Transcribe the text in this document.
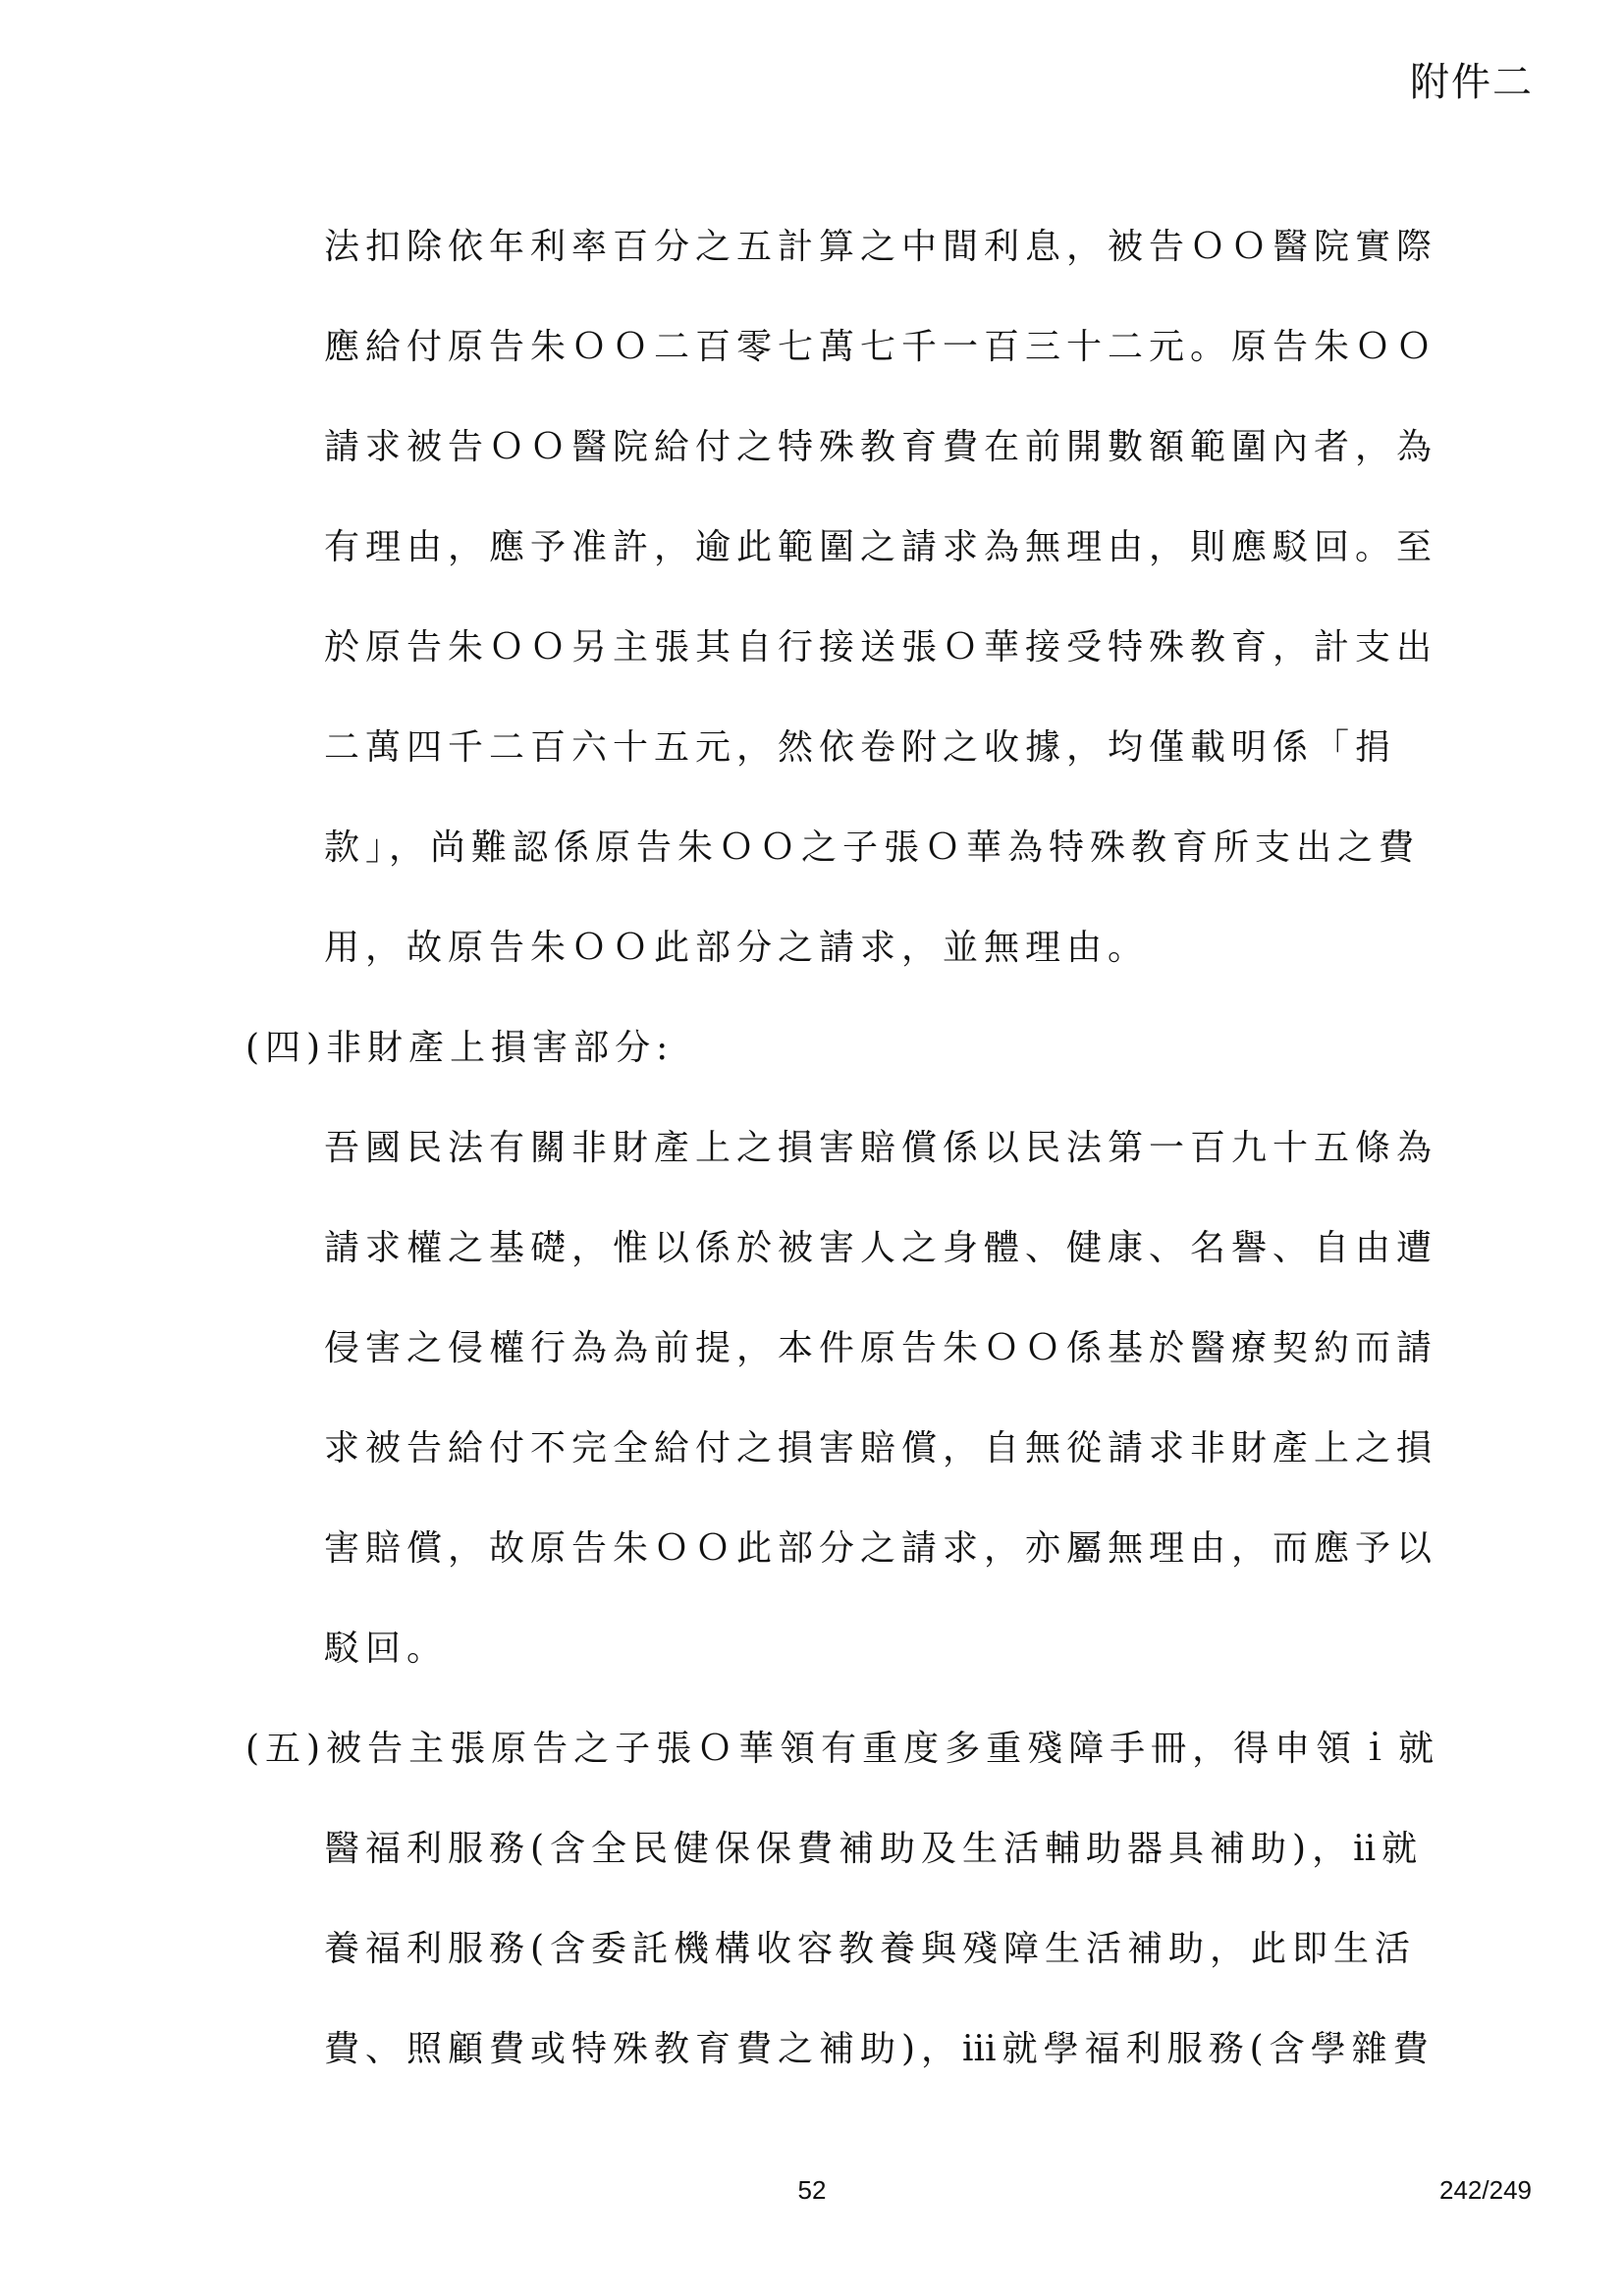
附件二
法扣除依年利率百分之五計算之中間利息，被告ＯＯ醫院實際
應給付原告朱ＯＯ二百零七萬七千一百三十二元。原告朱ＯＯ
請求被告ＯＯ醫院給付之特殊教育費在前開數額範圍內者，為
有理由，應予准許，逾此範圍之請求為無理由，則應駁回。至
於原告朱ＯＯ另主張其自行接送張Ｏ華接受特殊教育，計支出
二萬四千二百六十五元，然依卷附之收據，均僅載明係「捐
款」，尚難認係原告朱ＯＯ之子張Ｏ華為特殊教育所支出之費
用，故原告朱ＯＯ此部分之請求，並無理由。
(四)非財產上損害部分:
吾國民法有關非財產上之損害賠償係以民法第一百九十五條為
請求權之基礎，惟以係於被害人之身體、健康、名譽、自由遭
侵害之侵權行為為前提，本件原告朱ＯＯ係基於醫療契約而請
求被告給付不完全給付之損害賠償，自無從請求非財產上之損
害賠償，故原告朱ＯＯ此部分之請求，亦屬無理由，而應予以
駁回。
(五)被告主張原告之子張Ｏ華領有重度多重殘障手冊，得申領ｉ就
醫福利服務(含全民健保保費補助及生活輔助器具補助)，ⅱ就
養福利服務(含委託機構收容教養與殘障生活補助，此即生活
費、照顧費或特殊教育費之補助)，ⅲ就學福利服務(含學雜費
52	242/249
